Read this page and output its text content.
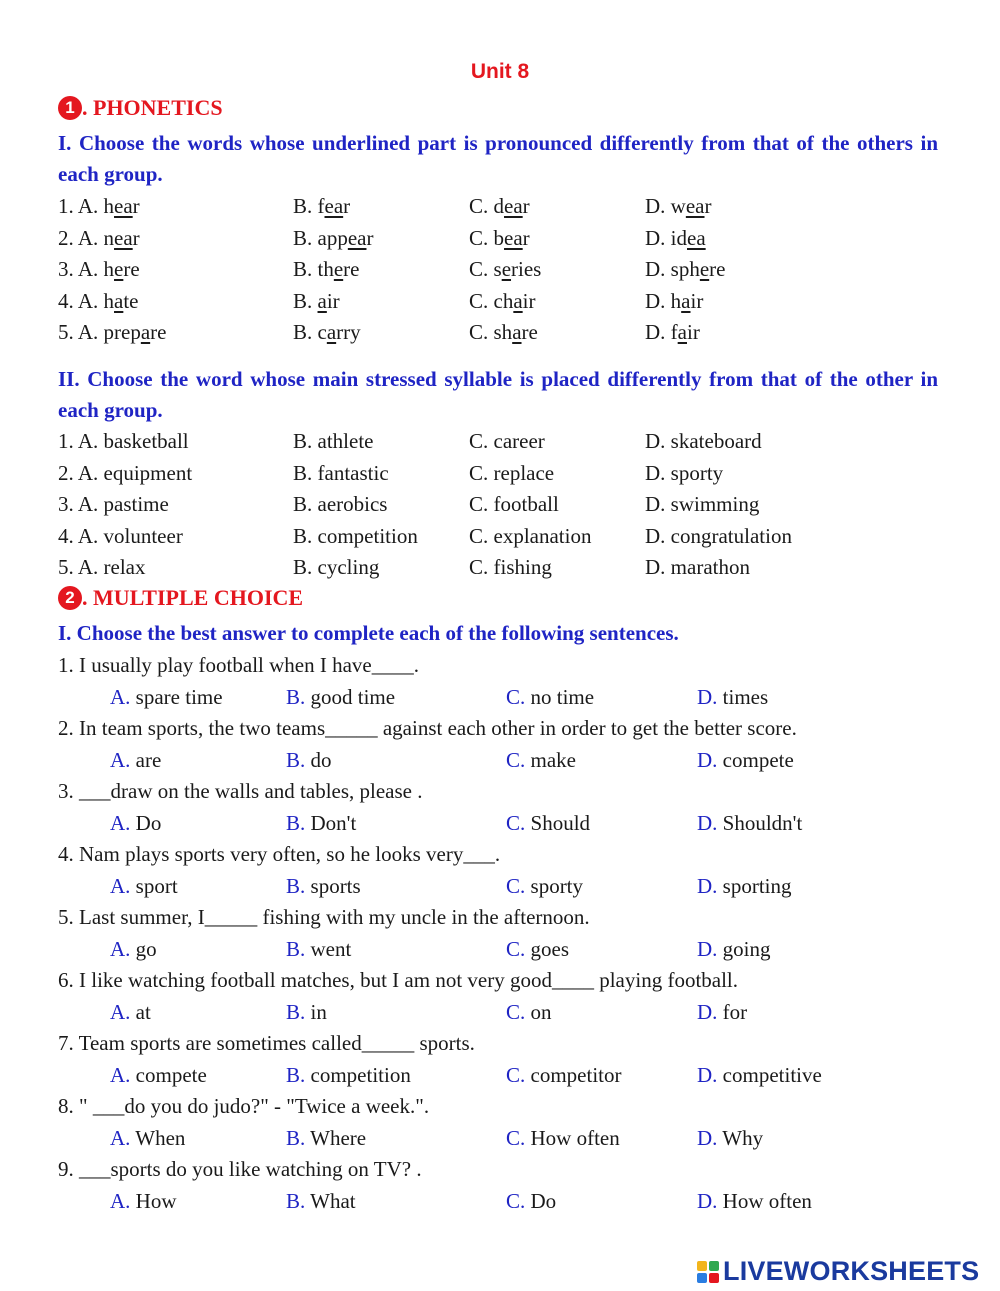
Unit 8
1 . PHONETICS
I. Choose the words whose underlined part is pronounced differently from that of the others in each group.
1. A. hear	B. fear	C. dear	D. wear
2. A. near	B. appear	C. bear	D. idea
3. A. here	B. there	C. series	D. sphere
4. A. hate	B. air	C. chair	D. hair
5. A. prepare	B. carry	C. share	D. fair
II. Choose the word whose main stressed syllable is placed differently from that of the other in each group.
1. A. basketball	B. athlete	C. career	D. skateboard
2. A. equipment	B. fantastic	C. replace	D. sporty
3. A. pastime	B. aerobics	C. football	D. swimming
4. A. volunteer	B. competition C. explanation	D. congratulation
5. A. relax	B. cycling	C. fishing	D. marathon
2 . MULTIPLE CHOICE
I. Choose the best answer to complete each of the following sentences.
1. I usually play football when I have____.
A. spare time	B. good time	C. no time	D. times
2. In team sports, the two teams_____ against each other in order to get the better score.
A. are	B. do	C. make	D. compete
3. ___draw on the walls and tables, please .
A. Do	B. Don't	C. Should	D. Shouldn't
4. Nam plays sports very often, so he looks very___.
A. sport	B. sports	C. sporty	D. sporting
5. Last summer, I_____ fishing with my uncle in the afternoon.
A. go	B. went	C. goes	D. going
6. I like watching football matches, but I am not very good____ playing football.
A. at	B. in	C. on	D. for
7. Team sports are sometimes called_____ sports.
A. compete	B. competition	C. competitor	D. competitive
8. " ___do you do judo?" - "Twice a week.".
A. When	B. Where	C. How often	D. Why
9. ___sports do you like watching on TV? .
A. How	B. What	C. Do	D. How often
LIVEWORKSHEETS
